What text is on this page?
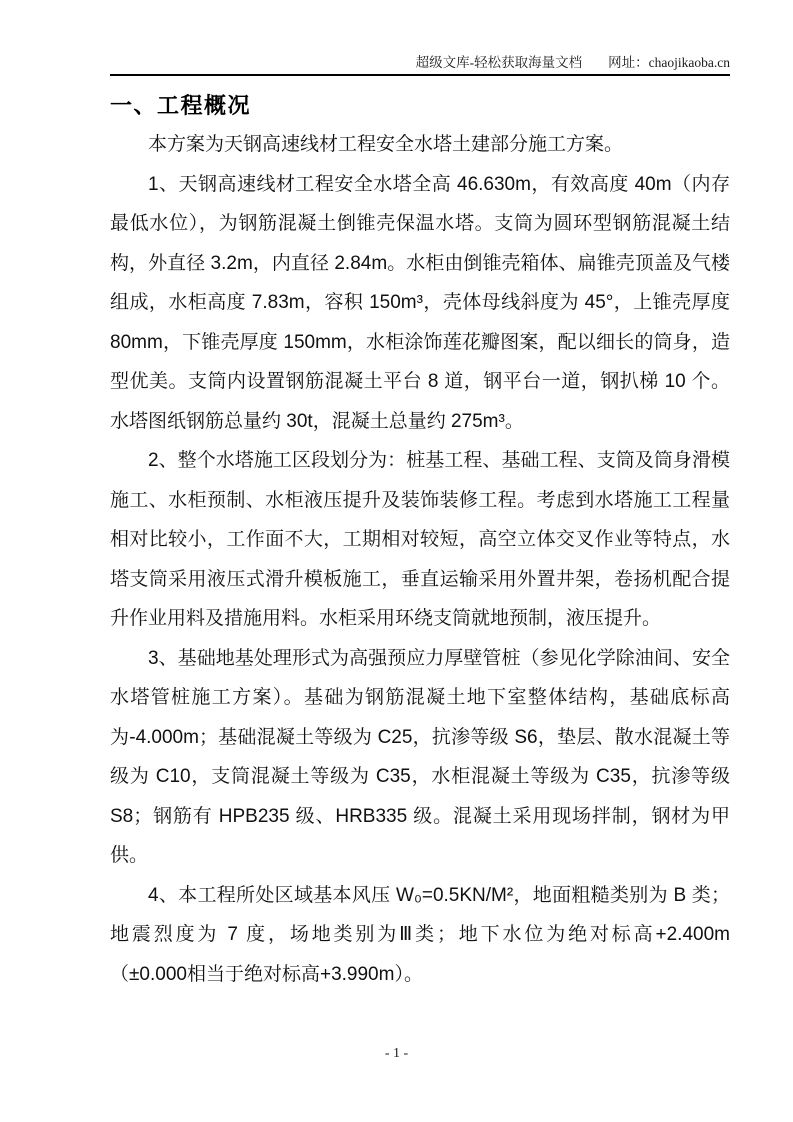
超级文库-轻松获取海量文档 网址：chaojikaoba.cn
一、工程概况

本方案为天钢高速线材工程安全水塔土建部分施工方案。

1、天钢高速线材工程安全水塔全高 46.630m，有效高度 40m（内存最低水位），为钢筋混凝土倒锥壳保温水塔。支筒为圆环型钢筋混凝土结构，外直径 3.2m，内直径 2.84m。水柜由倒锥壳箱体、扁锥壳顶盖及气楼组成，水柜高度 7.83m，容积 150m³，壳体母线斜度为 45°，上锥壳厚度 80mm，下锥壳厚度 150mm，水柜涂饰莲花瓣图案，配以细长的筒身，造型优美。支筒内设置钢筋混凝土平台 8 道，钢平台一道，钢扒梯 10 个。水塔图纸钢筋总量约 30t，混凝土总量约 275m³。

2、整个水塔施工区段划分为：桩基工程、基础工程、支筒及筒身滑模施工、水柜预制、水柜液压提升及装饰装修工程。考虑到水塔施工工程量相对比较小，工作面不大，工期相对较短，高空立体交叉作业等特点，水塔支筒采用液压式滑升模板施工，垂直运输采用外置井架，卷扬机配合提升作业用料及措施用料。水柜采用环绕支筒就地预制，液压提升。

3、基础地基处理形式为高强预应力厚壁管桩（参见化学除油间、安全水塔管桩施工方案）。基础为钢筋混凝土地下室整体结构，基础底标高为-4.000m；基础混凝土等级为 C25，抗渗等级 S6，垫层、散水混凝土等级为 C10，支筒混凝土等级为 C35，水柜混凝土等级为 C35，抗渗等级 S8；钢筋有 HPB235 级、HRB335 级。混凝土采用现场拌制，钢材为甲供。

4、本工程所处区域基本风压 W₀=0.5KN/M²，地面粗糙类别为 B 类；地震烈度为 7 度，场地类别为Ⅲ类；地下水位为绝对标高+2.400m（±0.000相当于绝对标高+3.990m）。

- 1 -
